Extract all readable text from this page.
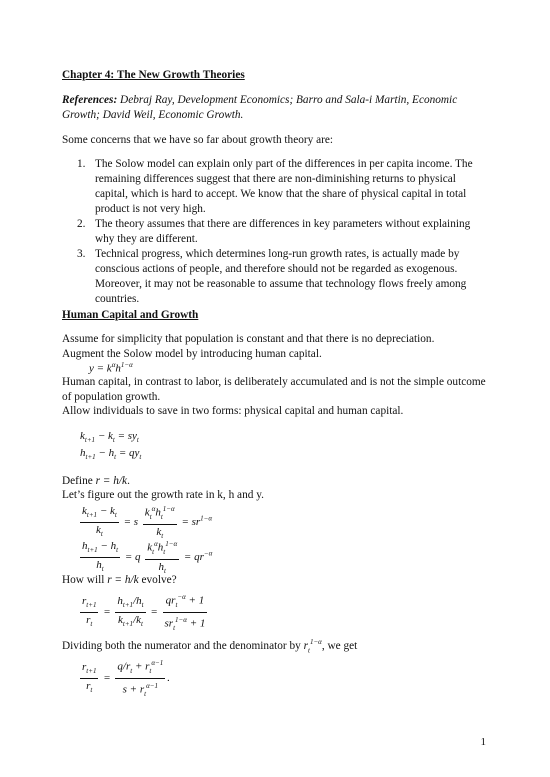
Chapter 4: The New Growth Theories
References: Debraj Ray, Development Economics; Barro and Sala-i Martin, Economic Growth; David Weil, Economic Growth.
Some concerns that we have so far about growth theory are:
1. The Solow model can explain only part of the differences in per capita income. The remaining differences suggest that there are non-diminishing returns to physical capital, which is hard to accept. We know that the share of physical capital in total product is not very high.
2. The theory assumes that there are differences in key parameters without explaining why they are different.
3. Technical progress, which determines long-run growth rates, is actually made by conscious actions of people, and therefore should not be regarded as exogenous. Moreover, it may not be reasonable to assume that technology flows freely among countries.
Human Capital and Growth
Assume for simplicity that population is constant and that there is no depreciation.
Augment the Solow model by introducing human capital.
$y = k^\alpha h^{1-\alpha}$
Human capital, in contrast to labor, is deliberately accumulated and is not the simple outcome of population growth.
Allow individuals to save in two forms: physical capital and human capital.
$k_{t+1} - k_t = sy_t$
$h_{t+1} - h_t = qy_t$
Define r = h/k.
Let’s figure out the growth rate in k, h and y.
$\frac{k_{t+1} - k_t}{k_t} = s \frac{k_t^\alpha h_t^{1-\alpha}}{k_t} = sr^{1-\alpha}$
$\frac{h_{t+1} - h_t}{h_t} = q \frac{k_t^\alpha h_t^{1-\alpha}}{h_t} = qr^{-\alpha}$
How will r = h/k evolve?
$\frac{r_{t+1}}{r_t} = \frac{h_{t+1}/h_t}{k_{t+1}/k_t} = \frac{qr_t^{-\alpha} + 1}{sr_t^{1-\alpha} + 1}$
Dividing both the numerator and the denominator by $r_t^{1-\alpha}$, we get
$\frac{r_{t+1}}{r_t} = \frac{q/r_t + r_t^{\alpha-1}}{s + r_t^{\alpha-1}}$ .
1
